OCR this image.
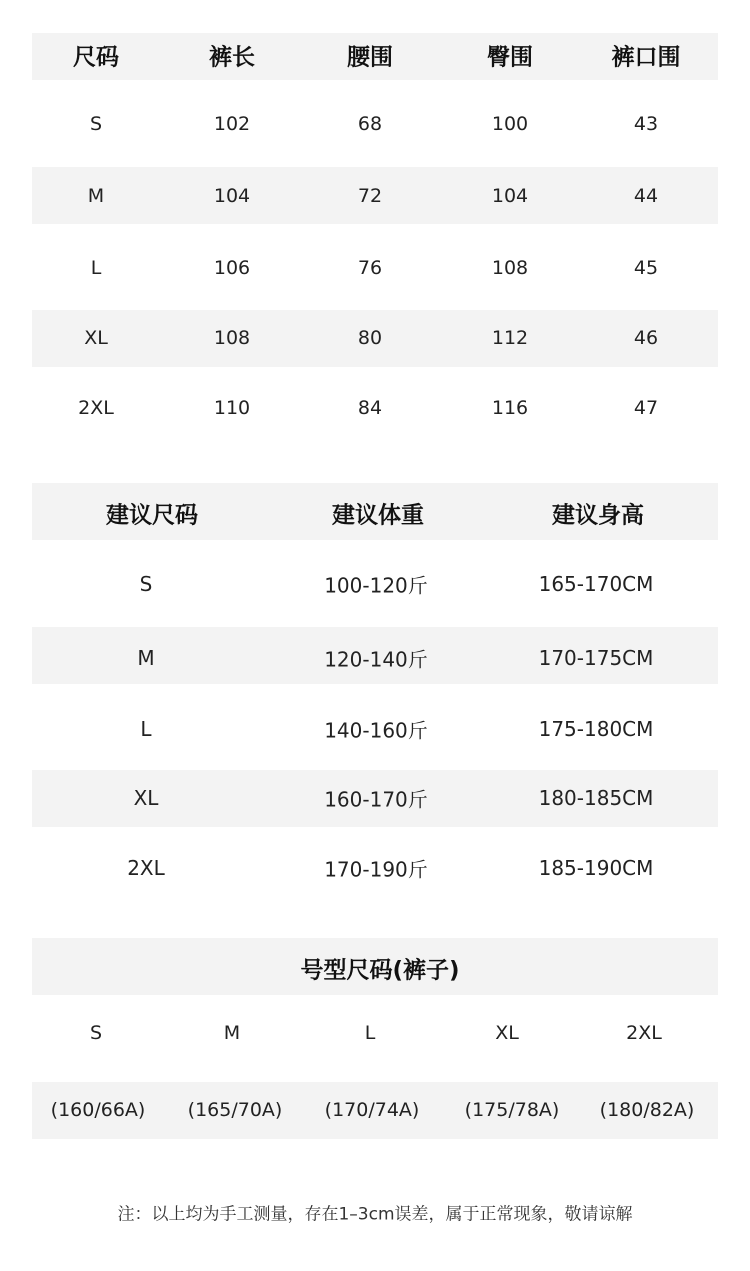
尺码	裤长	腰围	臀围	裤口围
S	102	68	100	43
M	104	72	104	44
L	106	76	108	45
XL	108	80	112	46
2XL	110	84	116	47
建议尺码	建议体重	建议身高
S	100-120斤	165-170CM
M	120-140斤	170-175CM
L	140-160斤	175-180CM
XL	160-170斤	180-185CM
2XL	170-190斤	185-190CM
号型尺码(裤子)
S	M	L	XL	2XL
(160/66A) (165/70A) (170/74A) (175/78A) (180/82A)
注：以上均为手工测量，存在1–3cm误差，属于正常现象，敬请谅解
